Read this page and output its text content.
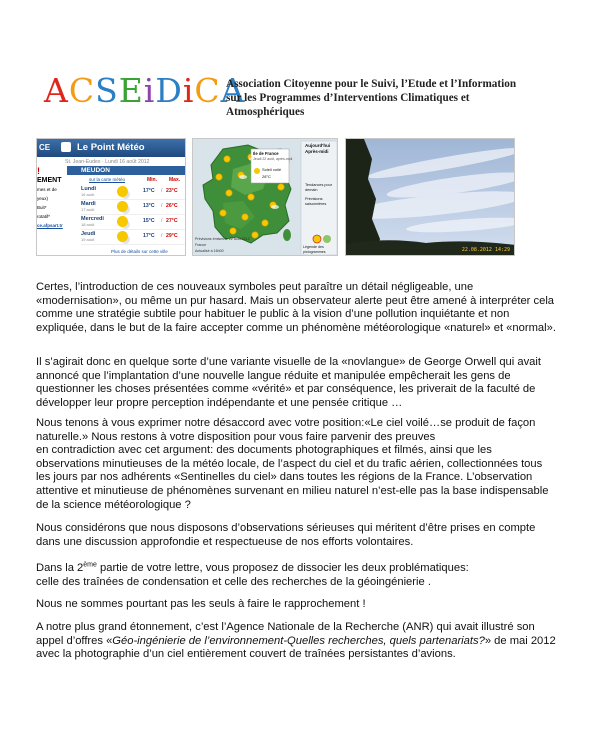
ACSEiDiCA
Association Citoyenne pour le Suivi, l’Etude et l’Information
sur les Programmes d’Interventions Climatiques et Atmosphériques
CE	Le Point Météo
St. Jean-Eudes · Lundi 16 août 2012
!
EMENT
mes et de yeux)
Buit*
rotatif*
ce.afpsart.tr
MEUDON
sur la carte météo	Min. Max.
Lundi
16 août
17°C / 23°C
Mardi
17 août
13°C / 26°C
Mercredi
18 août
15°C / 27°C
Jeudi
19 août
17°C / 29°C
Plus de détails sur cette ville
Aujourd'hui
Après-midi
Ile de France
Jeudi 22 août, après-midi
Soleil voilé
28°C
Tendances pour demain
Prévisions saisonnières
Prévisions émises le 22 août 2012
France
Actualisé à 16h00
Légende des pictogrammes	22.08.2012 14:29

Certes, l’introduction de ces nouveaux symboles peut paraître un détail négligeable, une «modernisation», ou même un pur hasard. Mais un observateur alerte peut être amené à interpréter cela comme une stratégie subtile pour habituer le public à la vision d’une pollution inquiétante et non expliquée, dans le but de la faire accepter comme un phénomène météorologique «naturel» et «normal».

Il s’agirait donc en quelque sorte d’une variante visuelle de la «novlangue» de George Orwell qui avait annoncé que l’implantation d’une nouvelle langue réduite et manipulée empêcherait les gens de questionner les choses présentées comme «vérité» et par conséquence, les priverait de la faculté de développer leur propre perception indépendante et une pensée critique …

Nous tenons à vous exprimer notre désaccord avec votre position:«Le ciel voilé…se produit de façon naturelle.» Nous restons à votre disposition pour vous faire parvenir des preuves

en contradiction avec cet argument: des documents photographiques et filmés, ainsi que les observations minutieuses de la météo locale, de l’aspect du ciel et du trafic aérien, collectionnées tous les jours par nos adhérents «Sentinelles du ciel» dans toutes les régions de la France. L’observation attentive et minutieuse de phénomènes survenant en milieu naturel n’est-elle pas la base indispensable de la science météorologique ?

Nous considérons que nous disposons d’observations sérieuses qui méritent d’être prises en compte dans une discussion approfondie et respectueuse de nos efforts volontaires.

Dans la 2ème partie de votre lettre, vous proposez de dissocier les deux problématiques:

celle des traînées de condensation et celle des recherches de la géoingénierie .

Nous ne sommes pourtant pas les seuls à faire le rapprochement !

A notre plus grand étonnement, c’est l’Agence Nationale de la Recherche (ANR) qui avait illustré son appel d’offres «Géo-ingénierie de l’environnement-Quelles recherches, quels partenariats?» de mai 2012 avec la photographie d’un ciel entièrement couvert de traînées persistantes d’avions.
